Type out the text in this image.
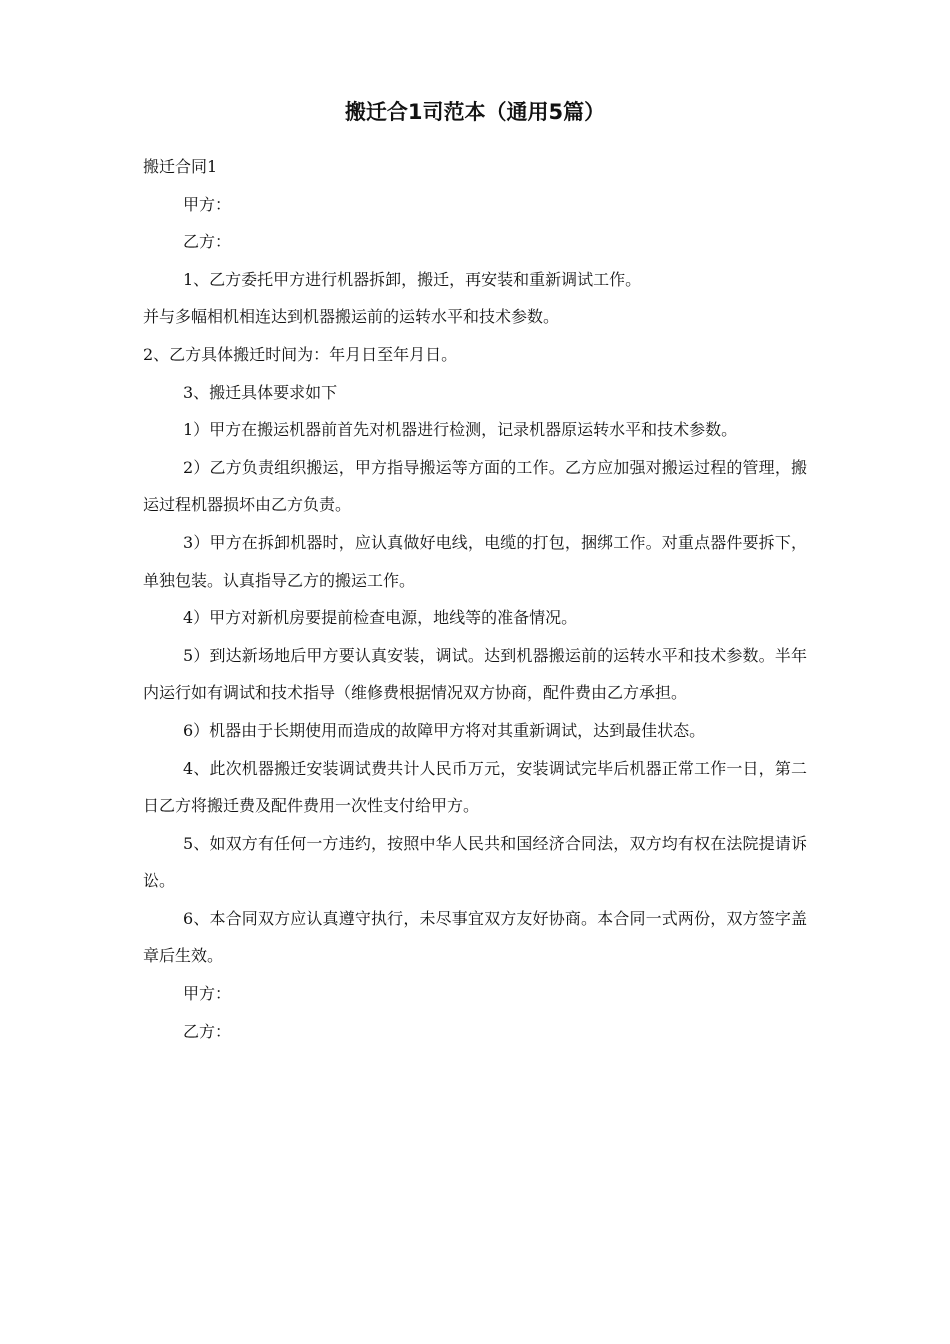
搬迁合1司范本（通用5篇）

搬迁合同1

甲方：

乙方：

1、乙方委托甲方进行机器拆卸，搬迁，再安装和重新调试工作。

并与多幅相机相连达到机器搬运前的运转水平和技术参数。

2、乙方具体搬迁时间为：年月日至年月日。

3、搬迁具体要求如下

1）甲方在搬运机器前首先对机器进行检测，记录机器原运转水平和技术参数。

2）乙方负责组织搬运，甲方指导搬运等方面的工作。乙方应加强对搬运过程的管理，搬运过程机器损坏由乙方负责。

3）甲方在拆卸机器时，应认真做好电线，电缆的打包，捆绑工作。对重点器件要拆下，单独包装。认真指导乙方的搬运工作。

4）甲方对新机房要提前检查电源，地线等的准备情况。

5）到达新场地后甲方要认真安装，调试。达到机器搬运前的运转水平和技术参数。半年内运行如有调试和技术指导（维修费根据情况双方协商，配件费由乙方承担。

6）机器由于长期使用而造成的故障甲方将对其重新调试，达到最佳状态。

4、此次机器搬迁安装调试费共计人民币万元，安装调试完毕后机器正常工作一日，第二日乙方将搬迁费及配件费用一次性支付给甲方。

5、如双方有任何一方违约，按照中华人民共和国经济合同法，双方均有权在法院提请诉讼。

6、本合同双方应认真遵守执行，未尽事宜双方友好协商。本合同一式两份，双方签字盖章后生效。

甲方：

乙方：
